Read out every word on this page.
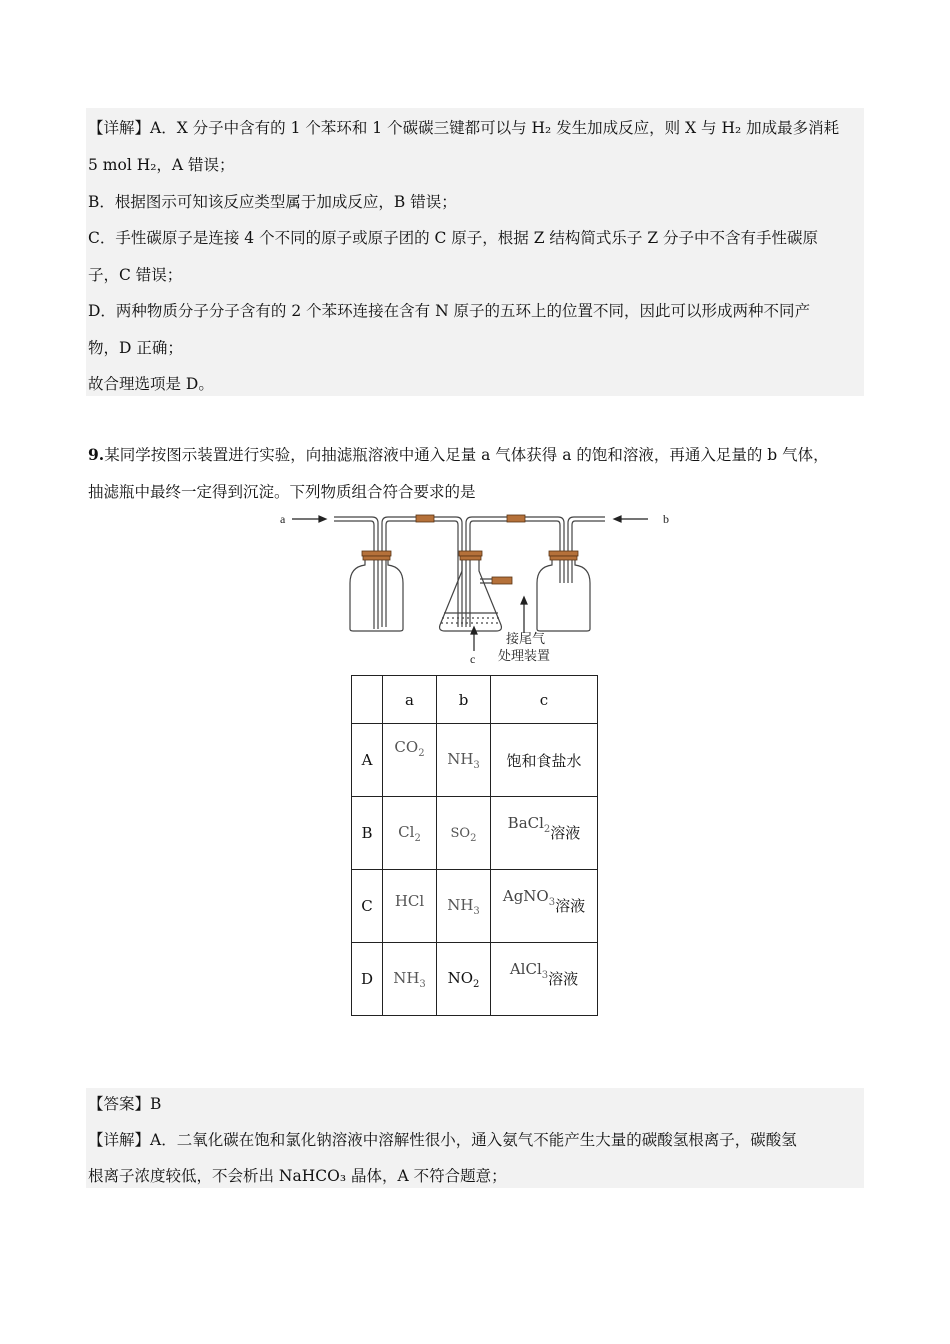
【详解】A．X 分子中含有的 1 个苯环和 1 个碳碳三键都可以与 H₂ 发生加成反应，则 X 与 H₂ 加成最多消耗
5 mol H₂，A 错误；
B．根据图示可知该反应类型属于加成反应，B 错误；
C．手性碳原子是连接 4 个不同的原子或原子团的 C 原子，根据 Z 结构简式乐子 Z 分子中不含有手性碳原
子，C 错误；
D．两种物质分子分子含有的 2 个苯环连接在含有 N 原子的五环上的位置不同，因此可以形成两种不同产
物，D 正确；
故合理选项是 D。
9.某同学按图示装置进行实验，向抽滤瓶溶液中通入足量 a 气体获得 a 的饱和溶液，再通入足量的 b 气体，
抽滤瓶中最终一定得到沉淀。下列物质组合符合要求的是
a	b
c
接尾气
处理装置
	a	b	c
A	$CO_2$	$NH_3$	饱和食盐水
B	$Cl_2$	$SO_2$	BaCl$_2$溶液
C	HCl	$NH_3$	AgNO$_3$溶液
D	$NH_3$	$NO_2$	AlCl$_3$溶液
【答案】B
【详解】A．二氧化碳在饱和氯化钠溶液中溶解性很小，通入氨气不能产生大量的碳酸氢根离子，碳酸氢
根离子浓度较低，不会析出 NaHCO₃ 晶体，A 不符合题意；
